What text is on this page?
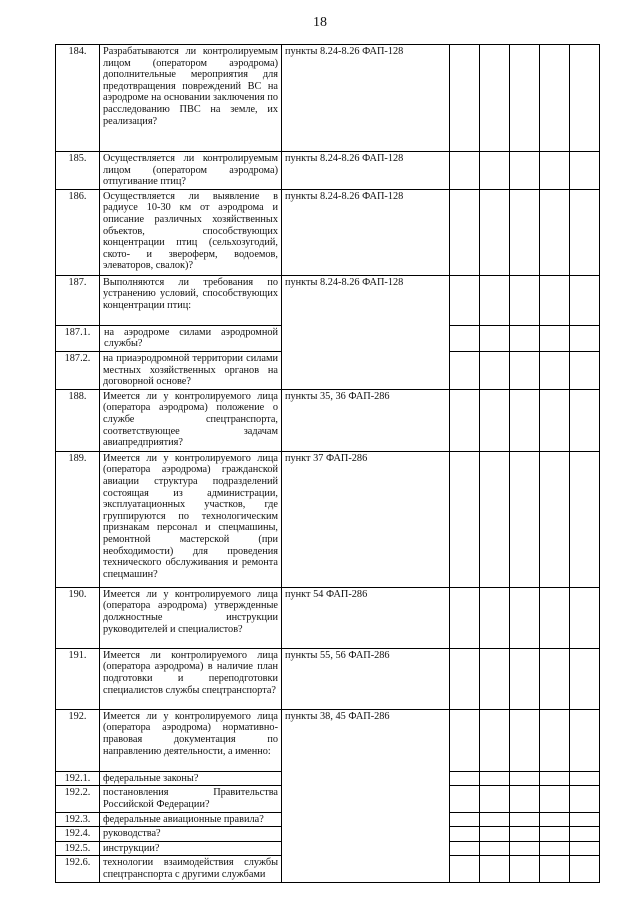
18
184.	Разрабатываются ли контролируемым лицом (оператором аэродрома) дополнительные мероприятия для предотвращения повреждений ВС на аэродроме на основании заключения по расследованию ПВС на земле, их реализация?	пункты 8.24-8.26 ФАП-128					
185.	Осуществляется ли контролируемым лицом (оператором аэродрома) отпугивание птиц?	пункты 8.24-8.26 ФАП-128					
186.	Осуществляется ли выявление в радиусе 10-30 км от аэродрома и описание различных хозяйственных объектов, способствующих концентрации птиц (сельхозугодий, ското- и звероферм, водоемов, элеваторов, свалок)?	пункты 8.24-8.26 ФАП-128					
187.	Выполняются ли требования по устранению условий, способствующих концентрации птиц:	пункты 8.24-8.26 ФАП-128					
187.1.	на аэродроме силами аэродромной службы?						
187.2.	на приаэродромной территории силами местных хозяйственных органов на договорной основе?						
188.	Имеется ли у контролируемого лица (оператора аэродрома) положение о службе спецтранспорта, соответствующее задачам авиапредприятия?	пункты 35, 36 ФАП-286					
189.	Имеется ли у контролируемого лица (оператора аэродрома) гражданской авиации структура подразделений состоящая из администрации, эксплуатационных участков, где группируются по технологическим признакам персонал и спецмашины, ремонтной мастерской (при необходимости) для проведения технического обслуживания и ремонта спецмашин?	пункт 37 ФАП-286					
190.	Имеется ли у контролируемого лица (оператора аэродрома) утвержденные должностные инструкции руководителей и специалистов?	пункт 54 ФАП-286					
191.	Имеется ли контролируемого лица (оператора аэродрома) в наличие план подготовки и переподготовки специалистов службы спецтранспорта?	пункты 55, 56 ФАП-286					
192.	Имеется ли у контролируемого лица (оператора аэродрома) нормативно-правовая документация по направлению деятельности, а именно:	пункты 38, 45 ФАП-286					
192.1.	федеральные законы?						
192.2.	постановления Правительства Российской Федерации?						
192.3.	федеральные авиационные правила?						
192.4.	руководства?						
192.5.	инструкции?						
192.6.	технологии взаимодействия службы спецтранспорта с другими службами						
